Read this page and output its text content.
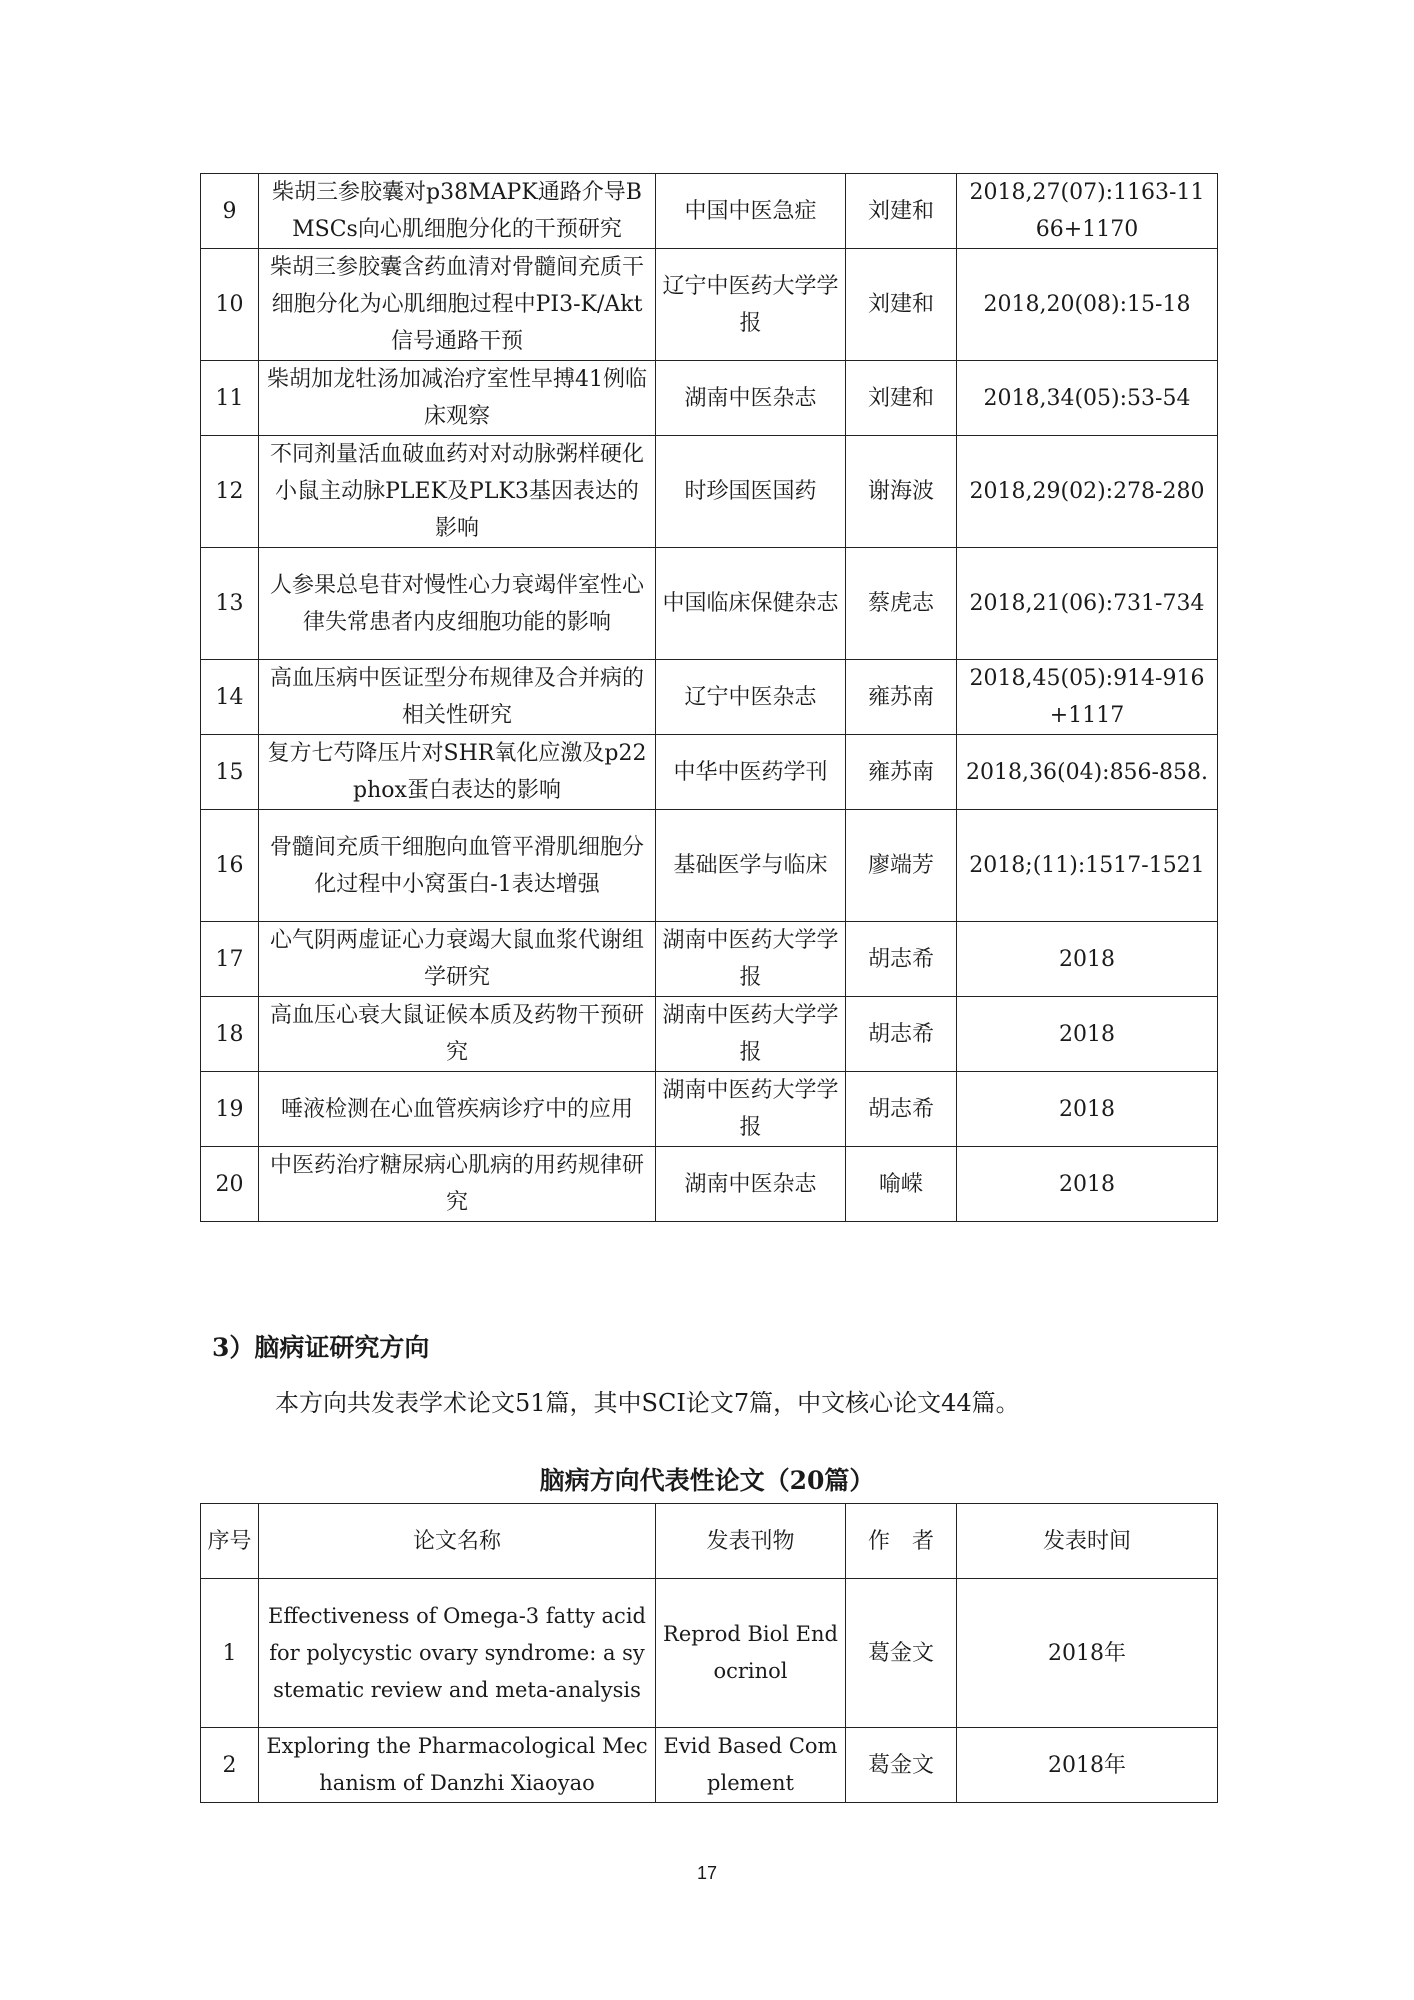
9	柴胡三参胶囊对p38MAPK通路介导BMSCs向心肌细胞分化的干预研究	中国中医急症	刘建和	2018,27(07):1163-1166+1170
10	柴胡三参胶囊含药血清对骨髓间充质干细胞分化为心肌细胞过程中PI3-K/Akt信号通路干预	辽宁中医药大学学报	刘建和	2018,20(08):15-18
11	柴胡加龙牡汤加减治疗室性早搏41例临床观察	湖南中医杂志	刘建和	2018,34(05):53-54
12	不同剂量活血破血药对对动脉粥样硬化小鼠主动脉PLEK及PLK3基因表达的影响	时珍国医国药	谢海波	2018,29(02):278-280
13	人参果总皂苷对慢性心力衰竭伴室性心律失常患者内皮细胞功能的影响	中国临床保健杂志	蔡虎志	2018,21(06):731-734
14	高血压病中医证型分布规律及合并病的相关性研究	辽宁中医杂志	雍苏南	2018,45(05):914-916+1117
15	复方七芍降压片对SHR氧化应激及p22phox蛋白表达的影响	中华中医药学刊	雍苏南	2018,36(04):856-858.
16	骨髓间充质干细胞向血管平滑肌细胞分化过程中小窝蛋白-1表达增强	基础医学与临床	廖端芳	2018;(11):1517-1521
17	心气阴两虚证心力衰竭大鼠血浆代谢组学研究	湖南中医药大学学报	胡志希	2018
18	高血压心衰大鼠证候本质及药物干预研究	湖南中医药大学学报	胡志希	2018
19	唾液检测在心血管疾病诊疗中的应用	湖南中医药大学学报	胡志希	2018
20	中医药治疗糖尿病心肌病的用药规律研究	湖南中医杂志	喻嵘	2018
3）脑病证研究方向
本方向共发表学术论文51篇，其中SCI论文7篇，中文核心论文44篇。
脑病方向代表性论文（20篇）
序号	论文名称	发表刊物	作　者	发表时间
1	Effectiveness of Omega-3 fatty acid for polycystic ovary syndrome: a systematic review and meta-analysis	Reprod Biol Endocrinol	葛金文	2018年
2	Exploring the Pharmacological Mechanism of Danzhi Xiaoyao	Evid Based Complement	葛金文	2018年
17
